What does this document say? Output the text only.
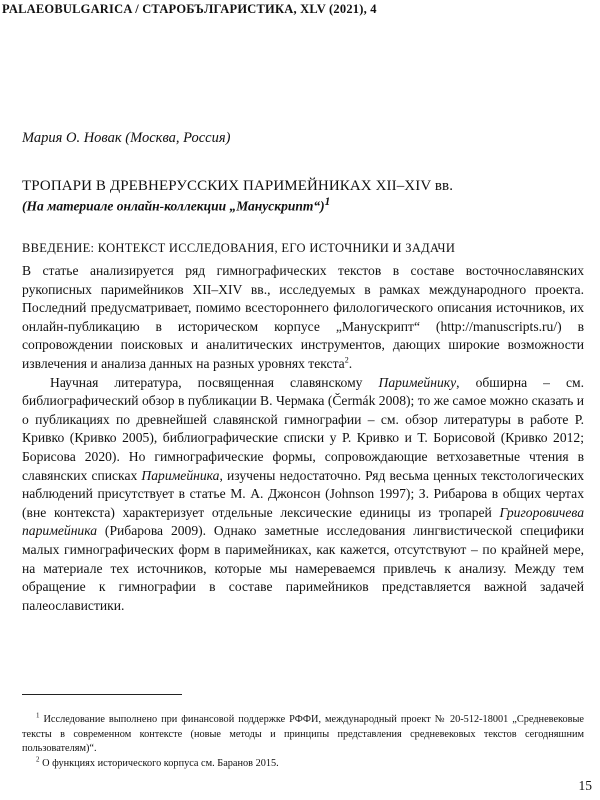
PALAEOBULGARICA / СТАРОБЪЛГАРИСТИКА, XLV (2021), 4
Мария О. Новак (Москва, Россия)
ТРОПАРИ В ДРЕВНЕРУССКИХ ПАРИМЕЙНИКАХ XII–XIV вв.
(На материале онлайн-коллекции „Манускрипт“)$^1$
ВВЕДЕНИЕ: КОНТЕКСТ ИССЛЕДОВАНИЯ, ЕГО ИСТОЧНИКИ И ЗАДАЧИ

В статье анализируется ряд гимнографических текстов в составе восточнославянских рукописных паримейников XII–XIV вв., исследуемых в рамках международного проекта. Последний предусматривает, помимо всестороннего филологического описания источников, их онлайн-публикацию в историческом корпусе „Манускрипт“ (http://manuscripts.ru/) в сопровождении поисковых и аналитических инструментов, дающих широкие возможности извлечения и анализа данных на разных уровнях текста$^2$.

Научная литература, посвященная славянскому Паримейнику, обширна – см. библиографический обзор в публикации В. Чермака (Čermák 2008); то же самое можно сказать и о публикациях по древнейшей славянской гимнографии – см. обзор литературы в работе Р. Кривко (Кривко 2005), библиографические списки у Р. Кривко и Т. Борисовой (Кривко 2012; Борисова 2020). Но гимнографические формы, сопровождающие ветхозаветные чтения в славянских списках Паримейника, изучены недостаточно. Ряд весьма ценных текстологических наблюдений присутствует в статье М. А. Джонсон (Johnson 1997); З. Рибарова в общих чертах (вне контекста) характеризует отдельные лексические единицы из тропарей Григоровичева паримейника (Рибарова 2009). Однако заметные исследования лингвистической специфики малых гимнографических форм в паримейниках, как кажется, отсутствуют – по крайней мере, на материале тех источников, которые мы намереваемся привлечь к анализу. Между тем обращение к гимнографии в составе паримейников представляется важной задачей палеославистики.

$^1$ Исследование выполнено при финансовой поддержке РФФИ, международный проект № 20-512-18001 „Средневековые тексты в современном контексте (новые методы и принципы представления средневековых текстов сегодняшним пользователям)“.

$^2$ О функциях исторического корпуса см. Баранов 2015.

15
